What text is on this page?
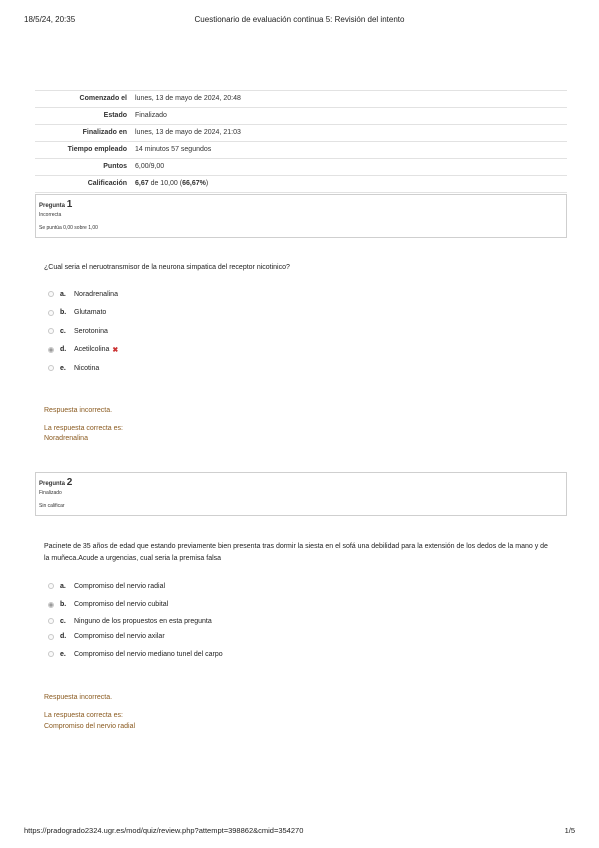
18/5/24, 20:35	Cuestionario de evaluación continua 5: Revisión del intento
Comenzado el	lunes, 13 de mayo de 2024, 20:48
Estado	Finalizado
Finalizado en	lunes, 13 de mayo de 2024, 21:03
Tiempo empleado	14 minutos 57 segundos
Puntos	6,00/9,00
Calificación	6,67 de 10,00 (66,67%)
Pregunta 1
Incorrecta
Se puntúa 0,00 sobre 1,00
¿Cual seria el neruotransmisor de la neurona simpatica del receptor nicotinico?
a.	Noradrenalina
b.	Glutamato
c.	Serotonina
d.	Acetilcolina ✖
e.	Nicotina
Respuesta incorrecta.
La respuesta correcta es:
Noradrenalina
Pregunta 2
Finalizado
Sin calificar
Pacinete de 35 años de edad que estando previamente bien presenta tras dormir la siesta en el sofá una debilidad para la extensión de los dedos de la mano y de la muñeca.Acude a urgencias, cual seria la premisa falsa
a.	Compromiso del nervio radial
b.	Compromiso del nervio cubital
c.	Ninguno de los propuestos en esta pregunta
d.	Compromiso del nervio axilar
e.	Compromiso del nervio mediano tunel del carpo
Respuesta incorrecta.
La respuesta correcta es:
Compromiso del nervio radial
https://pradogrado2324.ugr.es/mod/quiz/review.php?attempt=398862&cmid=354270	1/5
